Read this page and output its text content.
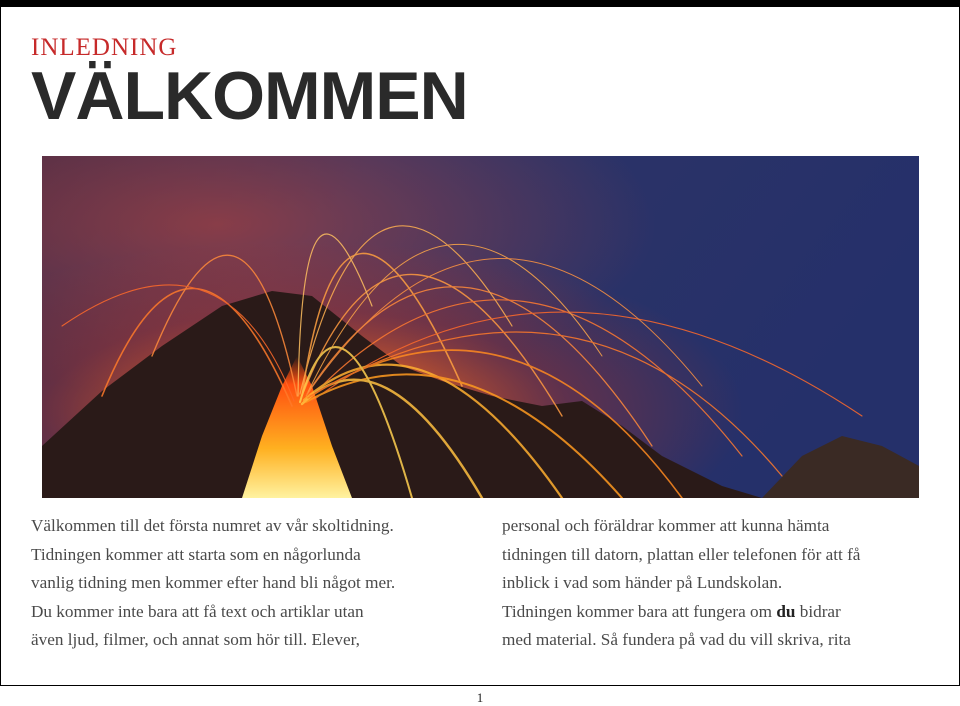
INLEDNING
VÄLKOMMEN

Välkommen till det första numret av vår skoltidning.

Tidningen kommer att starta som en någorlunda

vanlig tidning men kommer efter hand bli något mer.

Du kommer inte bara att få text och artiklar utan

även ljud, filmer, och annat som hör till. Elever,

personal och föräldrar kommer att kunna hämta

tidningen till datorn, plattan eller telefonen för att få

inblick i vad som händer på Lundskolan.

Tidningen kommer bara att fungera om du bidrar

med material. Så fundera på vad du vill skriva, rita

1
